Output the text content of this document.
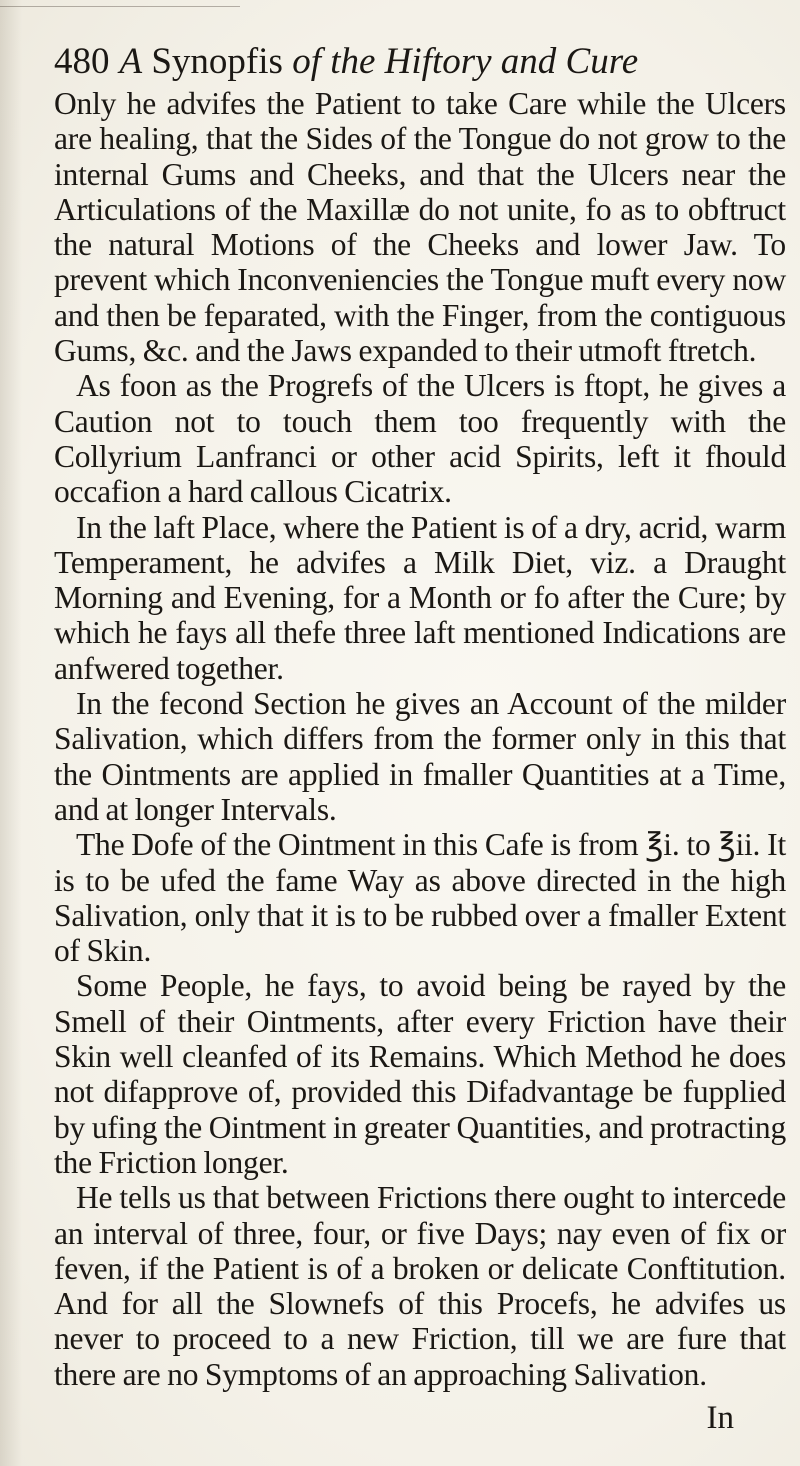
480 A Synopfis of the Hiftory and Cure

Only he advifes the Patient to take Care while the Ulcers are healing, that the Sides of the Tongue do not grow to the internal Gums and Cheeks, and that the Ulcers near the Articulations of the Maxillæ do not unite, fo as to obftruct the natural Motions of the Cheeks and lower Jaw. To prevent which Inconveniencies the Tongue muft every now and then be feparated, with the Finger, from the contiguous Gums, &c. and the Jaws expanded to their utmoft ftretch.

As foon as the Progrefs of the Ulcers is ftopt, he gives a Caution not to touch them too frequently with the Collyrium Lanfranci or other acid Spirits, left it fhould occafion a hard callous Cicatrix.

In the laft Place, where the Patient is of a dry, acrid, warm Temperament, he advifes a Milk Diet, viz. a Draught Morning and Evening, for a Month or fo after the Cure; by which he fays all thefe three laft mentioned Indications are anfwered together.

In the fecond Section he gives an Account of the milder Salivation, which differs from the former only in this that the Ointments are applied in fmaller Quantities at a Time, and at longer Intervals.

The Dofe of the Ointment in this Cafe is from ℥i. to ℥ii. It is to be ufed the fame Way as above directed in the high Salivation, only that it is to be rubbed over a fmaller Extent of Skin.

Some People, he fays, to avoid being be rayed by the Smell of their Ointments, after every Friction have their Skin well cleanfed of its Remains. Which Method he does not difapprove of, provided this Difadvantage be fupplied by ufing the Ointment in greater Quantities, and protracting the Friction longer.

He tells us that between Frictions there ought to intercede an interval of three, four, or five Days; nay even of fix or feven, if the Patient is of a broken or delicate Conftitution. And for all the Slownefs of this Procefs, he advifes us never to proceed to a new Friction, till we are fure that there are no Symptoms of an approaching Salivation.

In
